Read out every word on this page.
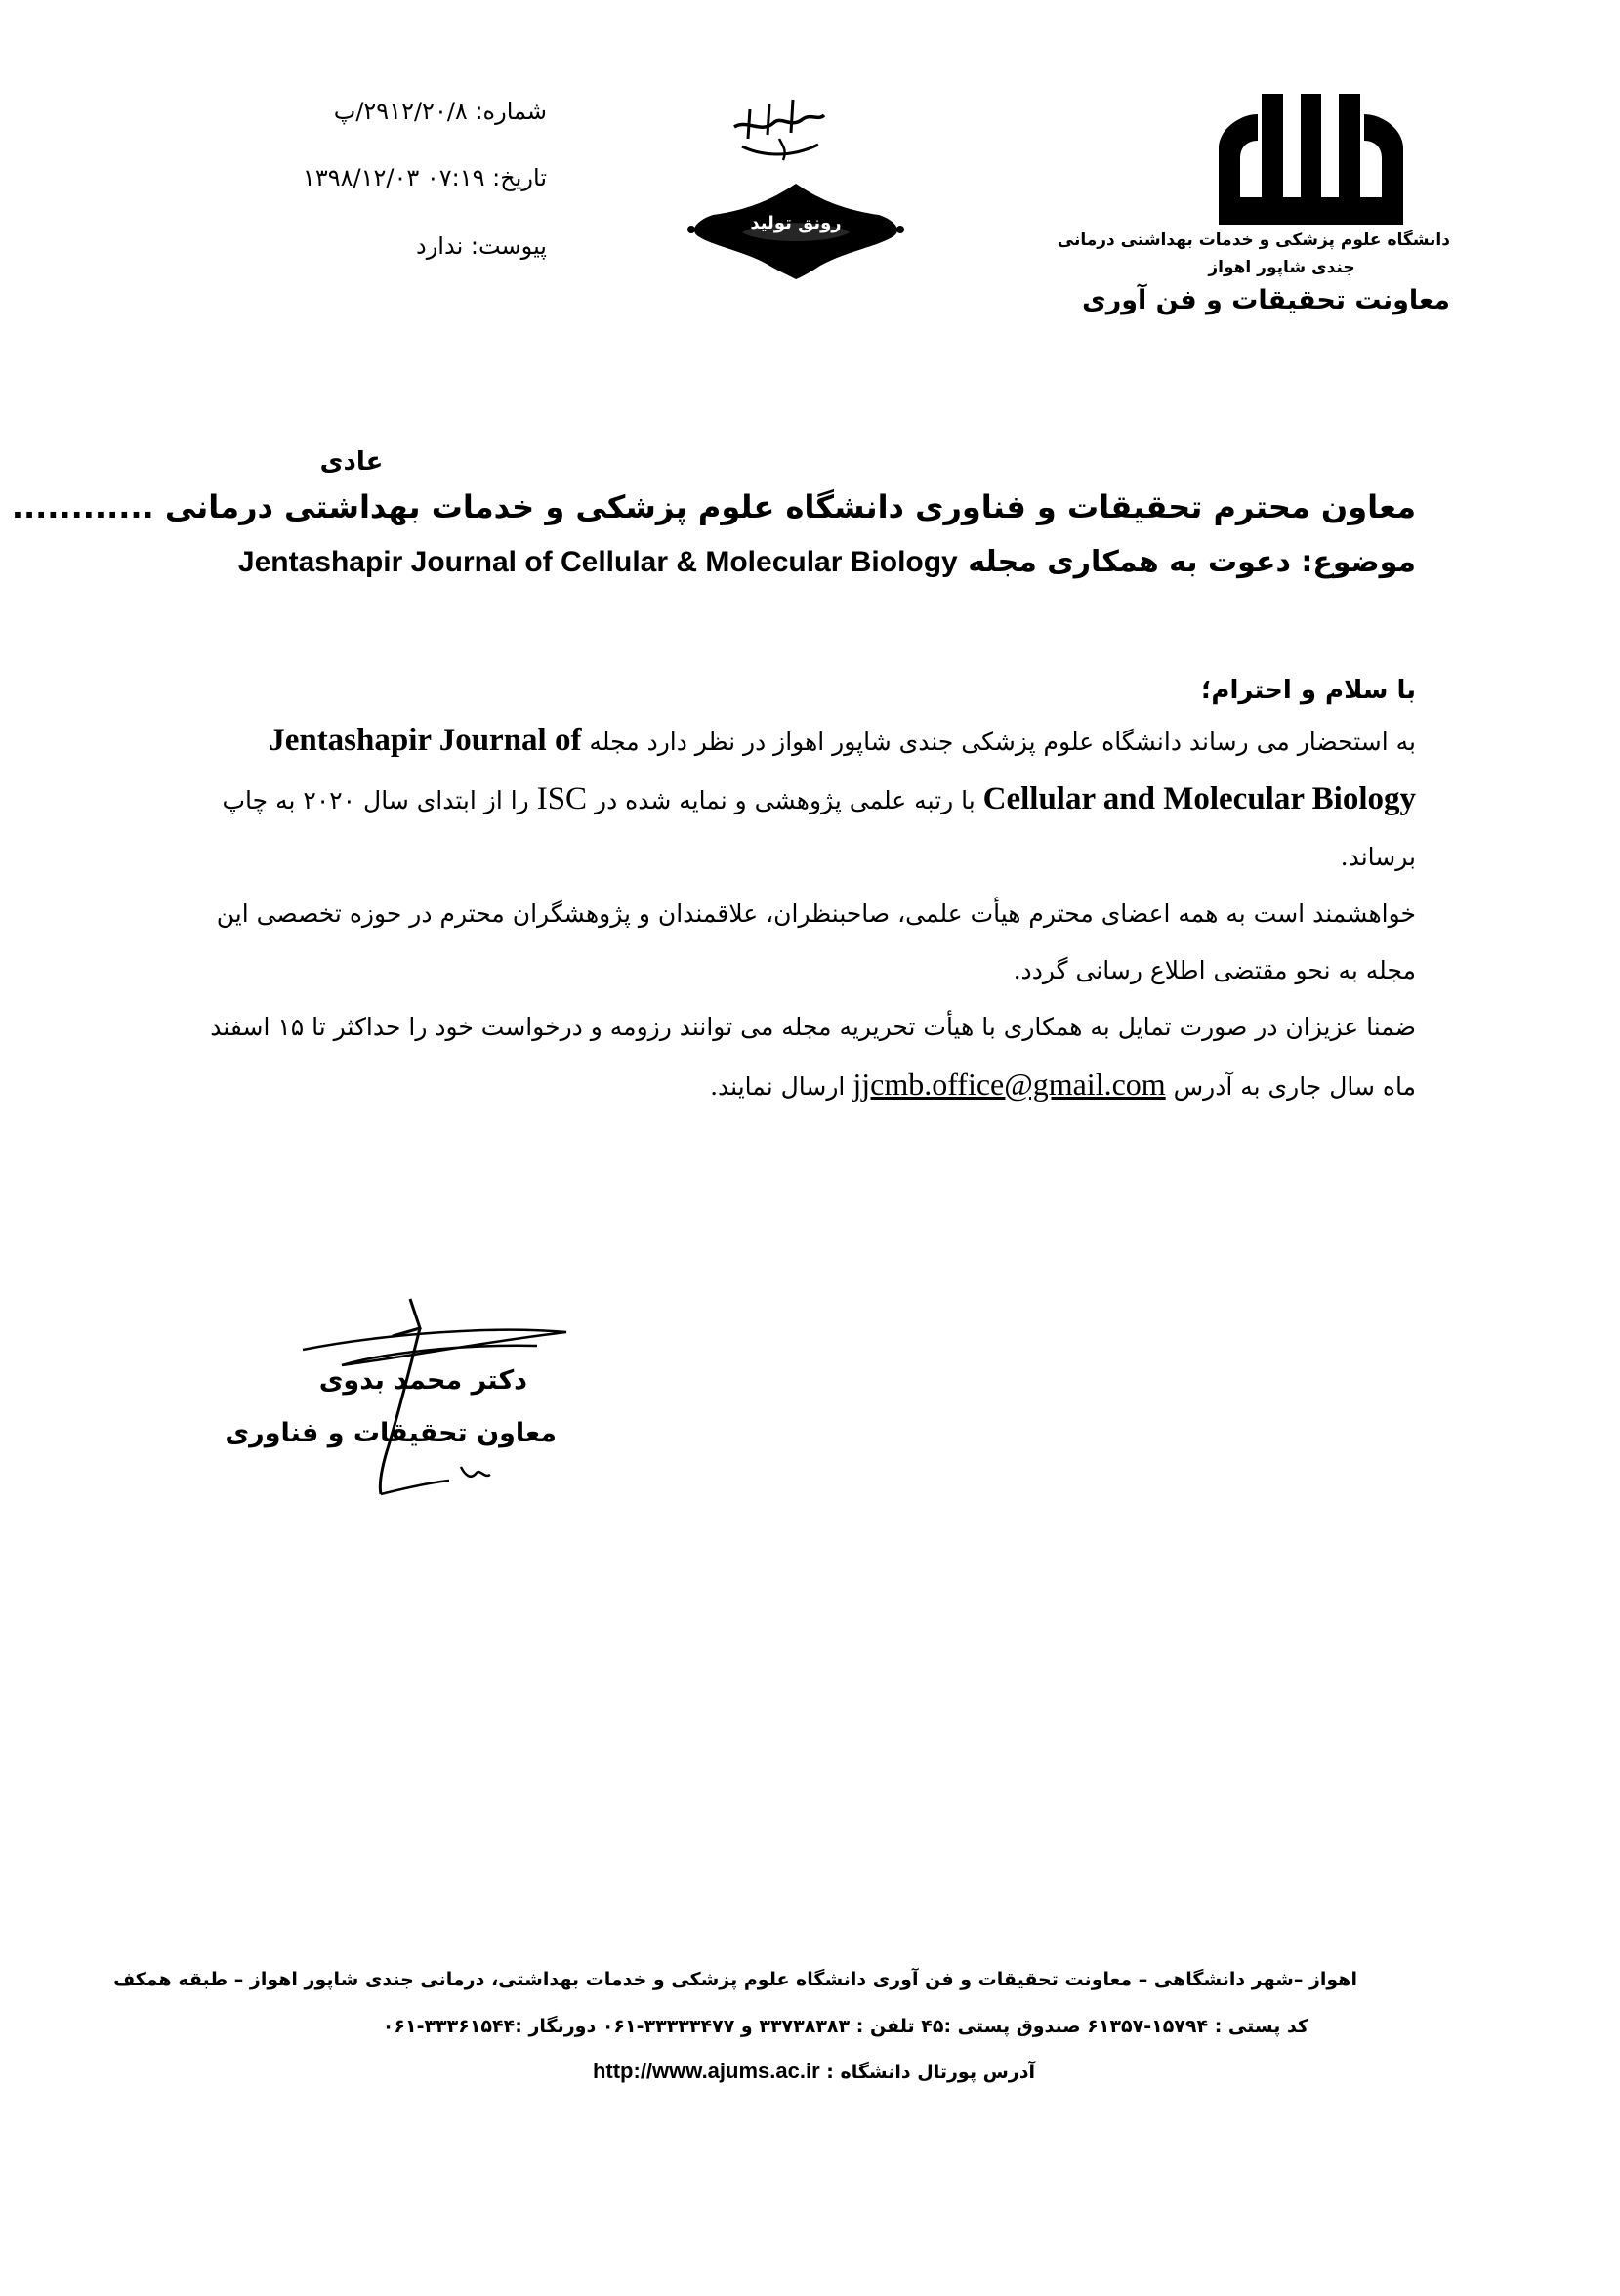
شماره: ۲۹۱۲/۲۰/۸/پ
تاریخ: ۰۷:۱۹ ۱۳۹۸/۱۲/۰۳
پیوست: ندارد
رونق تولید
دانشگاه علوم پزشکی و خدمات بهداشتی درمانی
جندی شاپور اهواز
معاونت تحقیقات و فن آوری
عادی
معاون محترم تحقیقات و فناوری دانشگاه علوم پزشکی و خدمات بهداشتی درمانی ............
موضوع: دعوت به همکاری مجله Jentashapir Journal of Cellular & Molecular Biology
با سلام و احترام؛
به استحضار می رساند دانشگاه علوم پزشکی جندی شاپور اهواز در نظر دارد مجله Jentashapir Journal of
Cellular and Molecular Biology با رتبه علمی پژوهشی و نمایه شده در ISC را از ابتدای سال ۲۰۲۰ به چاپ
برساند.
خواهشمند است به همه اعضای محترم هیأت علمی، صاحبنظران، علاقمندان و پژوهشگران محترم در حوزه تخصصی این
مجله به نحو مقتضی اطلاع رسانی گردد.
ضمنا عزیزان در صورت تمایل به همکاری با هیأت تحریریه مجله می توانند رزومه و درخواست خود را حداکثر تا ۱۵ اسفند
ماه سال جاری به آدرس jjcmb.office@gmail.com ارسال نمایند.
دکتر محمد بدوی
معاون تحقیقات و فناوری
اهواز –شهر دانشگاهی – معاونت تحقیقات و فن آوری دانشگاه علوم پزشکی و خدمات بهداشتی، درمانی جندی شاپور اهواز – طبقه همکف
کد پستی : ۱۵۷۹۴-۶۱۳۵۷ صندوق پستی :۴۵ تلفن : ۳۳۷۳۸۳۸۳ و ۳۳۳۳۳۴۷۷-۰۶۱ دورنگار :۳۳۳۶۱۵۴۴-۰۶۱
آدرس پورتال دانشگاه : http://www.ajums.ac.ir
